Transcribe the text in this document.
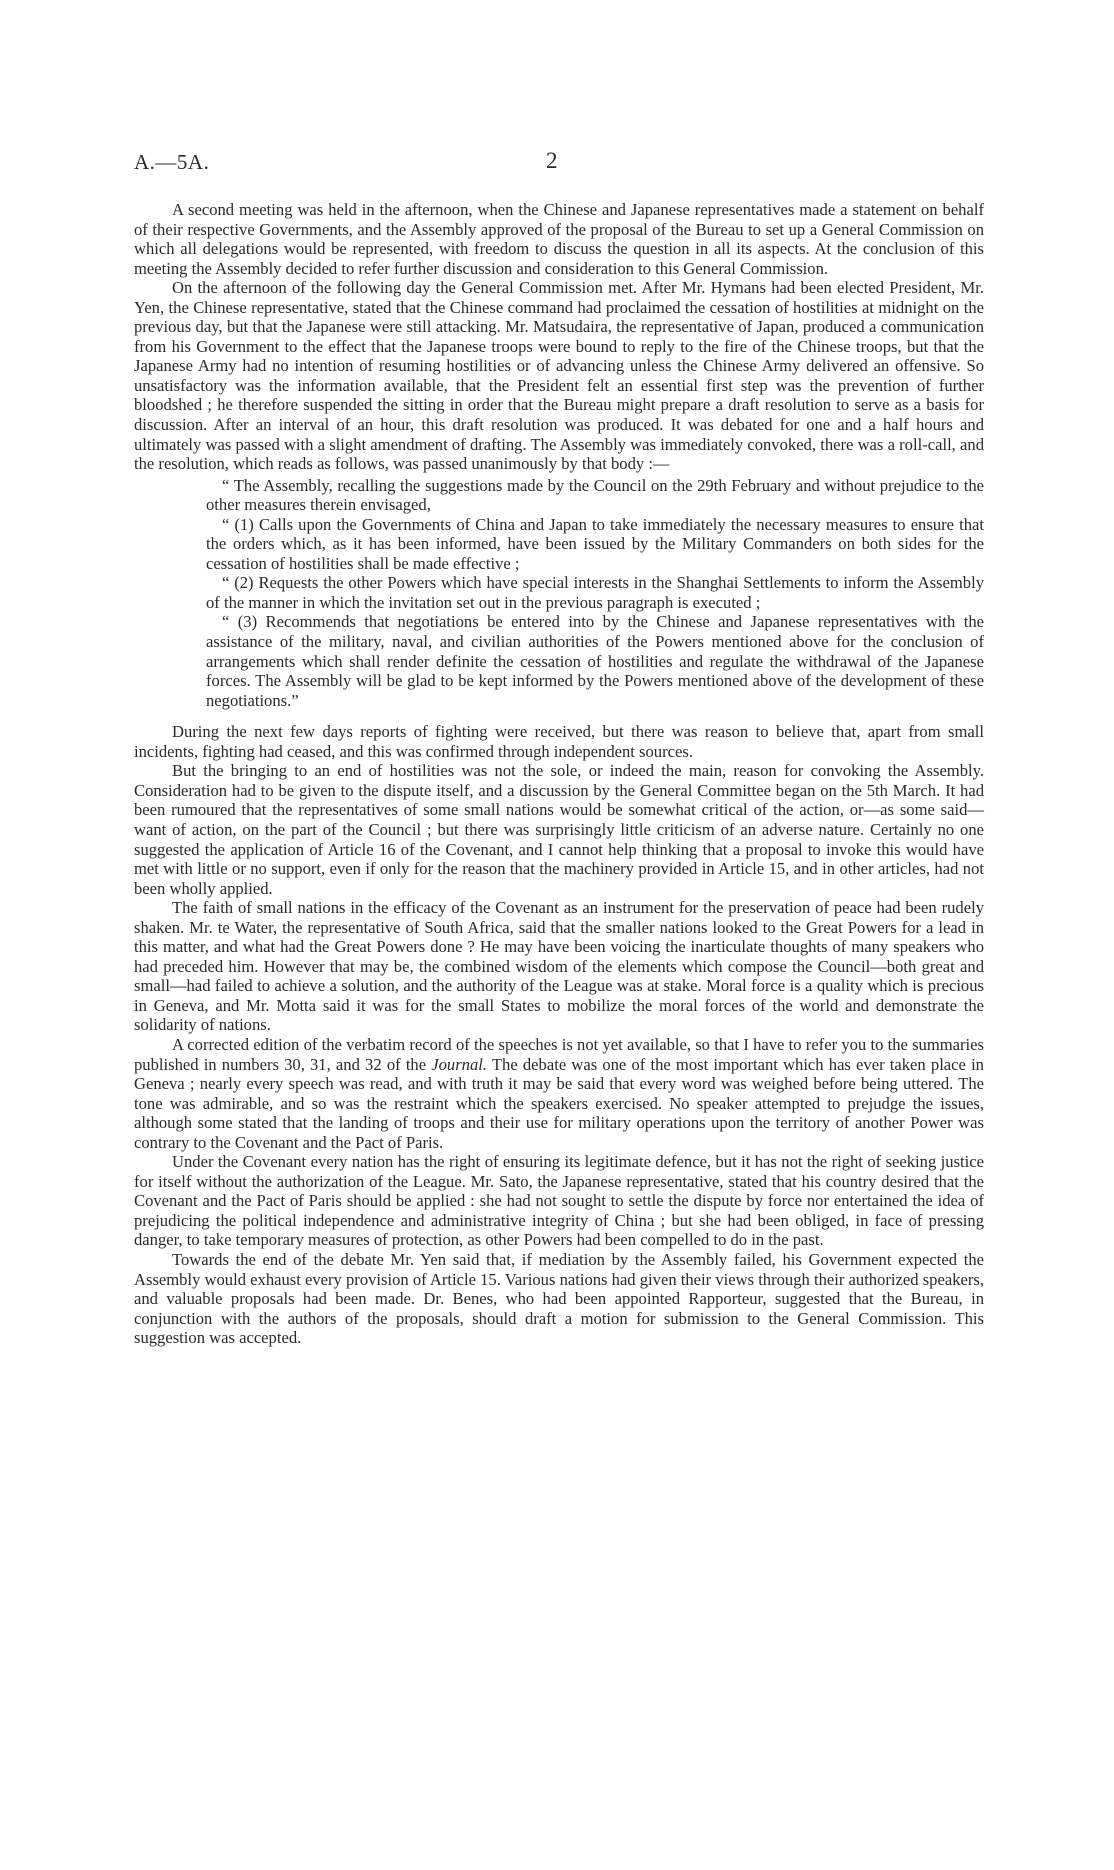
A.—5A.	2

A second meeting was held in the afternoon, when the Chinese and Japanese representatives made a statement on behalf of their respective Governments, and the Assembly approved of the proposal of the Bureau to set up a General Commission on which all delegations would be represented, with freedom to discuss the question in all its aspects. At the conclusion of this meeting the Assembly decided to refer further discussion and consideration to this General Commission.

On the afternoon of the following day the General Commission met. After Mr. Hymans had been elected President, Mr. Yen, the Chinese representative, stated that the Chinese command had proclaimed the cessation of hostilities at midnight on the previous day, but that the Japanese were still attacking. Mr. Matsudaira, the representative of Japan, produced a communication from his Government to the effect that the Japanese troops were bound to reply to the fire of the Chinese troops, but that the Japanese Army had no intention of resuming hostilities or of advancing unless the Chinese Army delivered an offensive. So unsatisfactory was the information available, that the President felt an essential first step was the prevention of further bloodshed ; he therefore suspended the sitting in order that the Bureau might prepare a draft resolution to serve as a basis for discussion. After an interval of an hour, this draft resolution was produced. It was debated for one and a half hours and ultimately was passed with a slight amendment of drafting. The Assembly was immediately convoked, there was a roll-call, and the resolution, which reads as follows, was passed unanimously by that body :—

“ The Assembly, recalling the suggestions made by the Council on the 29th February and without prejudice to the other measures therein envisaged,

“ (1) Calls upon the Governments of China and Japan to take immediately the necessary measures to ensure that the orders which, as it has been informed, have been issued by the Military Commanders on both sides for the cessation of hostilities shall be made effective ;

“ (2) Requests the other Powers which have special interests in the Shanghai Settlements to inform the Assembly of the manner in which the invitation set out in the previous paragraph is executed ;

“ (3) Recommends that negotiations be entered into by the Chinese and Japanese representatives with the assistance of the military, naval, and civilian authorities of the Powers mentioned above for the conclusion of arrangements which shall render definite the cessation of hostilities and regulate the withdrawal of the Japanese forces. The Assembly will be glad to be kept informed by the Powers mentioned above of the development of these negotiations.”

During the next few days reports of fighting were received, but there was reason to believe that, apart from small incidents, fighting had ceased, and this was confirmed through independent sources.

But the bringing to an end of hostilities was not the sole, or indeed the main, reason for convoking the Assembly. Consideration had to be given to the dispute itself, and a discussion by the General Committee began on the 5th March. It had been rumoured that the representatives of some small nations would be somewhat critical of the action, or—as some said—want of action, on the part of the Council ; but there was surprisingly little criticism of an adverse nature. Certainly no one suggested the application of Article 16 of the Covenant, and I cannot help thinking that a proposal to invoke this would have met with little or no support, even if only for the reason that the machinery provided in Article 15, and in other articles, had not been wholly applied.

The faith of small nations in the efficacy of the Covenant as an instrument for the preservation of peace had been rudely shaken. Mr. te Water, the representative of South Africa, said that the smaller nations looked to the Great Powers for a lead in this matter, and what had the Great Powers done ? He may have been voicing the inarticulate thoughts of many speakers who had preceded him. However that may be, the combined wisdom of the elements which compose the Council—both great and small—had failed to achieve a solution, and the authority of the League was at stake. Moral force is a quality which is precious in Geneva, and Mr. Motta said it was for the small States to mobilize the moral forces of the world and demonstrate the solidarity of nations.

A corrected edition of the verbatim record of the speeches is not yet available, so that I have to refer you to the summaries published in numbers 30, 31, and 32 of the Journal. The debate was one of the most important which has ever taken place in Geneva ; nearly every speech was read, and with truth it may be said that every word was weighed before being uttered. The tone was admirable, and so was the restraint which the speakers exercised. No speaker attempted to prejudge the issues, although some stated that the landing of troops and their use for military operations upon the territory of another Power was contrary to the Covenant and the Pact of Paris.

Under the Covenant every nation has the right of ensuring its legitimate defence, but it has not the right of seeking justice for itself without the authorization of the League. Mr. Sato, the Japanese representative, stated that his country desired that the Covenant and the Pact of Paris should be applied : she had not sought to settle the dispute by force nor entertained the idea of prejudicing the political independence and administrative integrity of China ; but she had been obliged, in face of pressing danger, to take temporary measures of protection, as other Powers had been compelled to do in the past.

Towards the end of the debate Mr. Yen said that, if mediation by the Assembly failed, his Government expected the Assembly would exhaust every provision of Article 15. Various nations had given their views through their authorized speakers, and valuable proposals had been made. Dr. Benes, who had been appointed Rapporteur, suggested that the Bureau, in conjunction with the authors of the proposals, should draft a motion for submission to the General Commission. This suggestion was accepted.
